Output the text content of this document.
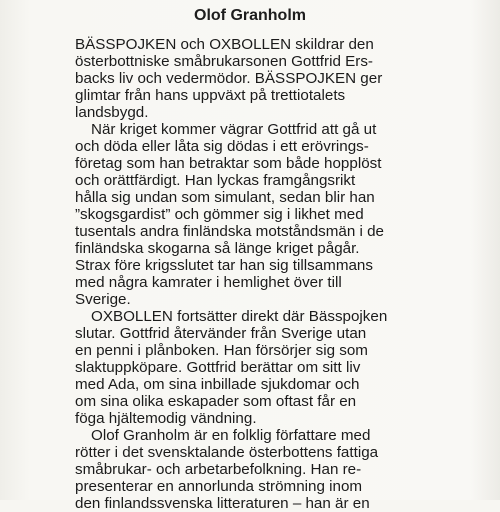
Olof Granholm

BÄSSPOJKEN och OXBOLLEN skildrar den
österbottniske småbrukarsonen Gottfrid Ers-
backs liv och vedermödor. BÄSSPOJKEN ger
glimtar från hans uppväxt på trettiotalets
landsbygd.

När kriget kommer vägrar Gottfrid att gå ut
och döda eller låta sig dödas i ett erövrings-
företag som han betraktar som både hopplöst
och orättfärdigt. Han lyckas framgångsrikt
hålla sig undan som simulant, sedan blir han
”skogsgardist” och gömmer sig i likhet med
tusentals andra finländska motståndsmän i de
finländska skogarna så länge kriget pågår.
Strax före krigsslutet tar han sig tillsammans
med några kamrater i hemlighet över till
Sverige.

OXBOLLEN fortsätter direkt där Bässpojken
slutar. Gottfrid återvänder från Sverige utan
en penni i plånboken. Han försörjer sig som
slaktuppköpare. Gottfrid berättar om sitt liv
med Ada, om sina inbillade sjukdomar och
om sina olika eskapader som oftast får en
föga hjältemodig vändning.

Olof Granholm är en folklig författare med
rötter i det svensktalande österbottens fattiga
småbrukar- och arbetarbefolkning. Han re-
presenterar en annorlunda strömning inom
den finlandssvenska litteraturen – han är en
